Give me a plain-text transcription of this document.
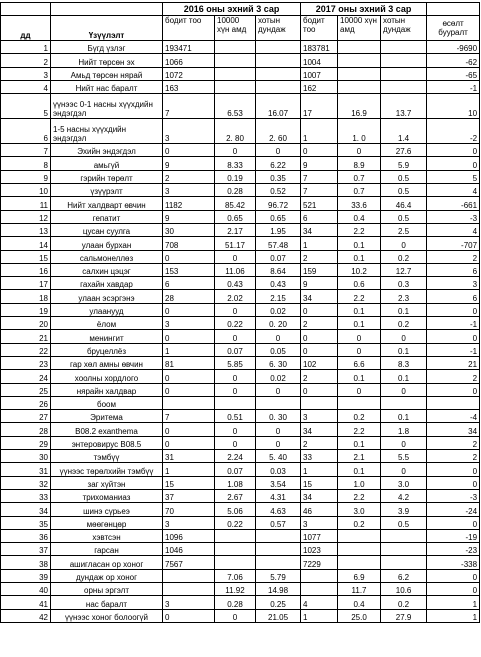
		2016 оны эхний 3 сар			2017 оны эхний 3 сар			
дд	Үзүүлэлт	бодит тоо	10000 хүн амд	хотын дундаж	бодит тоо	10000 хүн амд	хотын дундаж	өсөлт бууралт
1	Бүгд үзлэг	193471			183781			-9690
2	Нийт төрсөн эх	1066			1004			-62
3	Амьд төрсөн нярай	1072			1007			-65
4	Нийт нас баралт	163			162			-1
5	үүнээс 0-1 насны хүүхдийн эндэгдэл	7	6.53	16.07	17	16.9	13.7	10
6	1-5 насны хүүхдийн эндэгдэл	3	2. 80	2. 60	1	1. 0	1.4	-2
7	Эхийн эндэгдэл	0	0	0	0	0	27.6	0
8	амьгүй	9	8.33	6.22	9	8.9	5.9	0
9	гэрийн төрөлт	2	0.19	0.35	7	0.7	0.5	5
10	үзүүрэлт	3	0.28	0.52	7	0.7	0.5	4
11	Нийт халдварт өвчин	1182	85.42	96.72	521	33.6	46.4	-661
12	гепатит	9	0.65	0.65	6	0.4	0.5	-3
13	цусан суулга	30	2.17	1.95	34	2.2	2.5	4
14	улаан бурхан	708	51.17	57.48	1	0.1	0	-707
15	сальмонеллөз	0	0	0.07	2	0.1	0.2	2
16	салхин цэцэг	153	11.06	8.64	159	10.2	12.7	6
17	гахайн хавдар	6	0.43	0.43	9	0.6	0.3	3
18	улаан эсэргэнэ	28	2.02	2.15	34	2.2	2.3	6
19	улаанууд	0	0	0.02	0	0.1	0.1	0
20	ёлом	3	0.22	0. 20	2	0.1	0.2	-1
21	менингит	0	0	0	0	0	0	0
22	бруцеллёз	1	0.07	0.05	0	0	0.1	-1
23	гар хөл амны өвчин	81	5.85	6. 30	102	6.6	8.3	21
24	хоолны хордлого	0	0	0.02	2	0.1	0.1	2
25	нярайн халдвар	0	0	0	0	0	0	0
26	боом							
27	Эритема	7	0.51	0. 30	3	0.2	0.1	-4
28	B08.2 exanthema	0	0	0	34	2.2	1.8	34
29	энтеровирус B08.5	0	0	0	2	0.1	0	2
30	тэмбүү	31	2.24	5. 40	33	2.1	5.5	2
31	үүнээс төрөлхийн тэмбүү	1	0.07	0.03	1	0.1	0	0
32	заг хүйтэн	15	1.08	3.54	15	1.0	3.0	0
33	трихоманиаз	37	2.67	4.31	34	2.2	4.2	-3
34	шинэ сүрьеэ	70	5.06	4.63	46	3.0	3.9	-24
35	мөөгөнцөр	3	0.22	0.57	3	0.2	0.5	0
36	хэвтсэн	1096			1077			-19
37	гарсан	1046			1023			-23
38	ашигласан ор хоног	7567			7229			-338
39	дундаж ор хоног		7.06	5.79		6.9	6.2	0
40	орны эргэлт		11.92	14.98		11.7	10.6	0
41	нас баралт	3	0.28	0.25	4	0.4	0.2	1
42	үүнээс хоног болоогүй	0	0	21.05	1	25.0	27.9	1
